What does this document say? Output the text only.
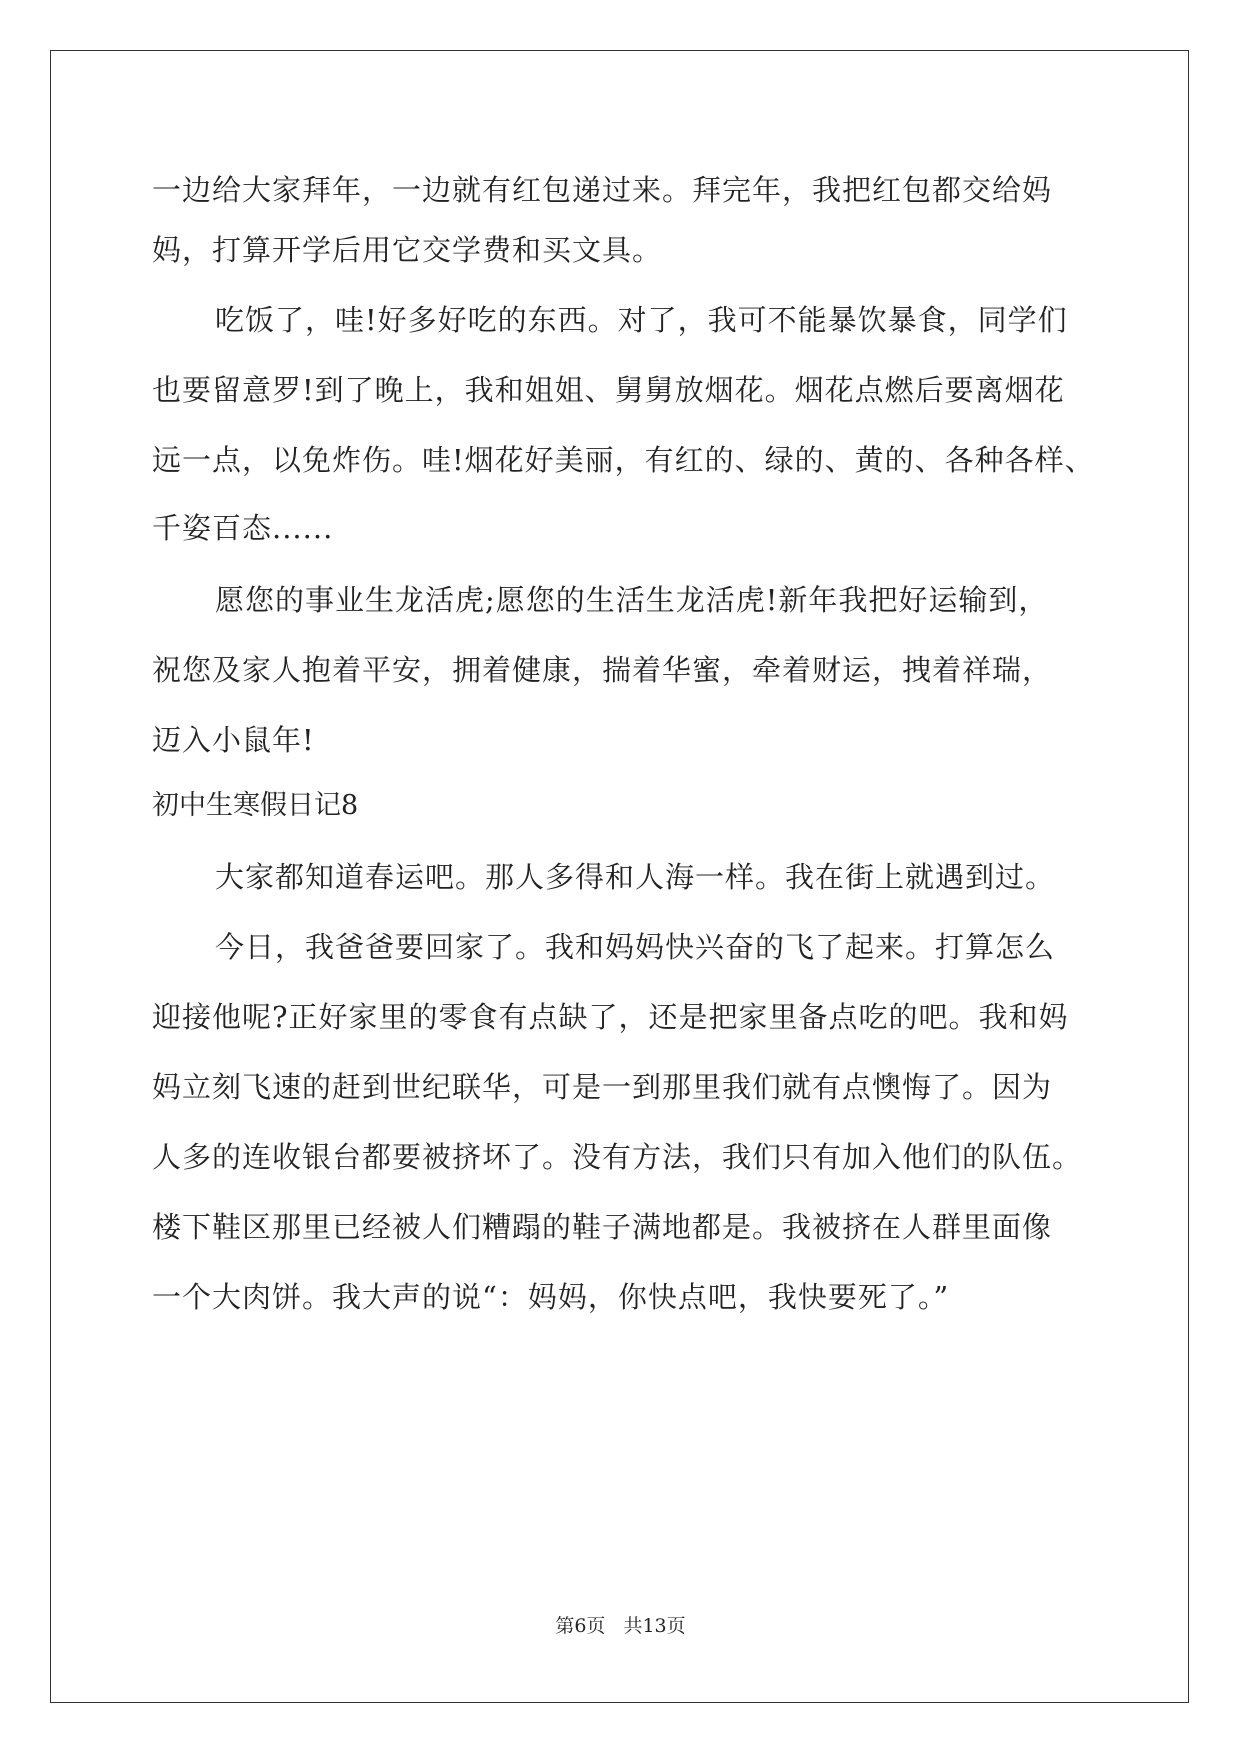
一边给大家拜年，一边就有红包递过来。拜完年，我把红包都交给妈
妈，打算开学后用它交学费和买文具。
吃饭了，哇!好多好吃的东西。对了，我可不能暴饮暴食，同学们
也要留意罗!到了晚上，我和姐姐、舅舅放烟花。烟花点燃后要离烟花
远一点，以免炸伤。哇!烟花好美丽，有红的、绿的、黄的、各种各样、
千姿百态......
愿您的事业生龙活虎;愿您的生活生龙活虎!新年我把好运输到，
祝您及家人抱着平安，拥着健康，揣着华蜜，牵着财运，拽着祥瑞，
迈入小鼠年!
初中生寒假日记8
大家都知道春运吧。那人多得和人海一样。我在街上就遇到过。
今日，我爸爸要回家了。我和妈妈快兴奋的飞了起来。打算怎么
迎接他呢?正好家里的零食有点缺了，还是把家里备点吃的吧。我和妈
妈立刻飞速的赶到世纪联华，可是一到那里我们就有点懊悔了。因为
人多的连收银台都要被挤坏了。没有方法，我们只有加入他们的队伍。
楼下鞋区那里已经被人们糟蹋的鞋子满地都是。我被挤在人群里面像
一个大肉饼。我大声的说“：妈妈，你快点吧，我快要死了。”
第6页 共13页
